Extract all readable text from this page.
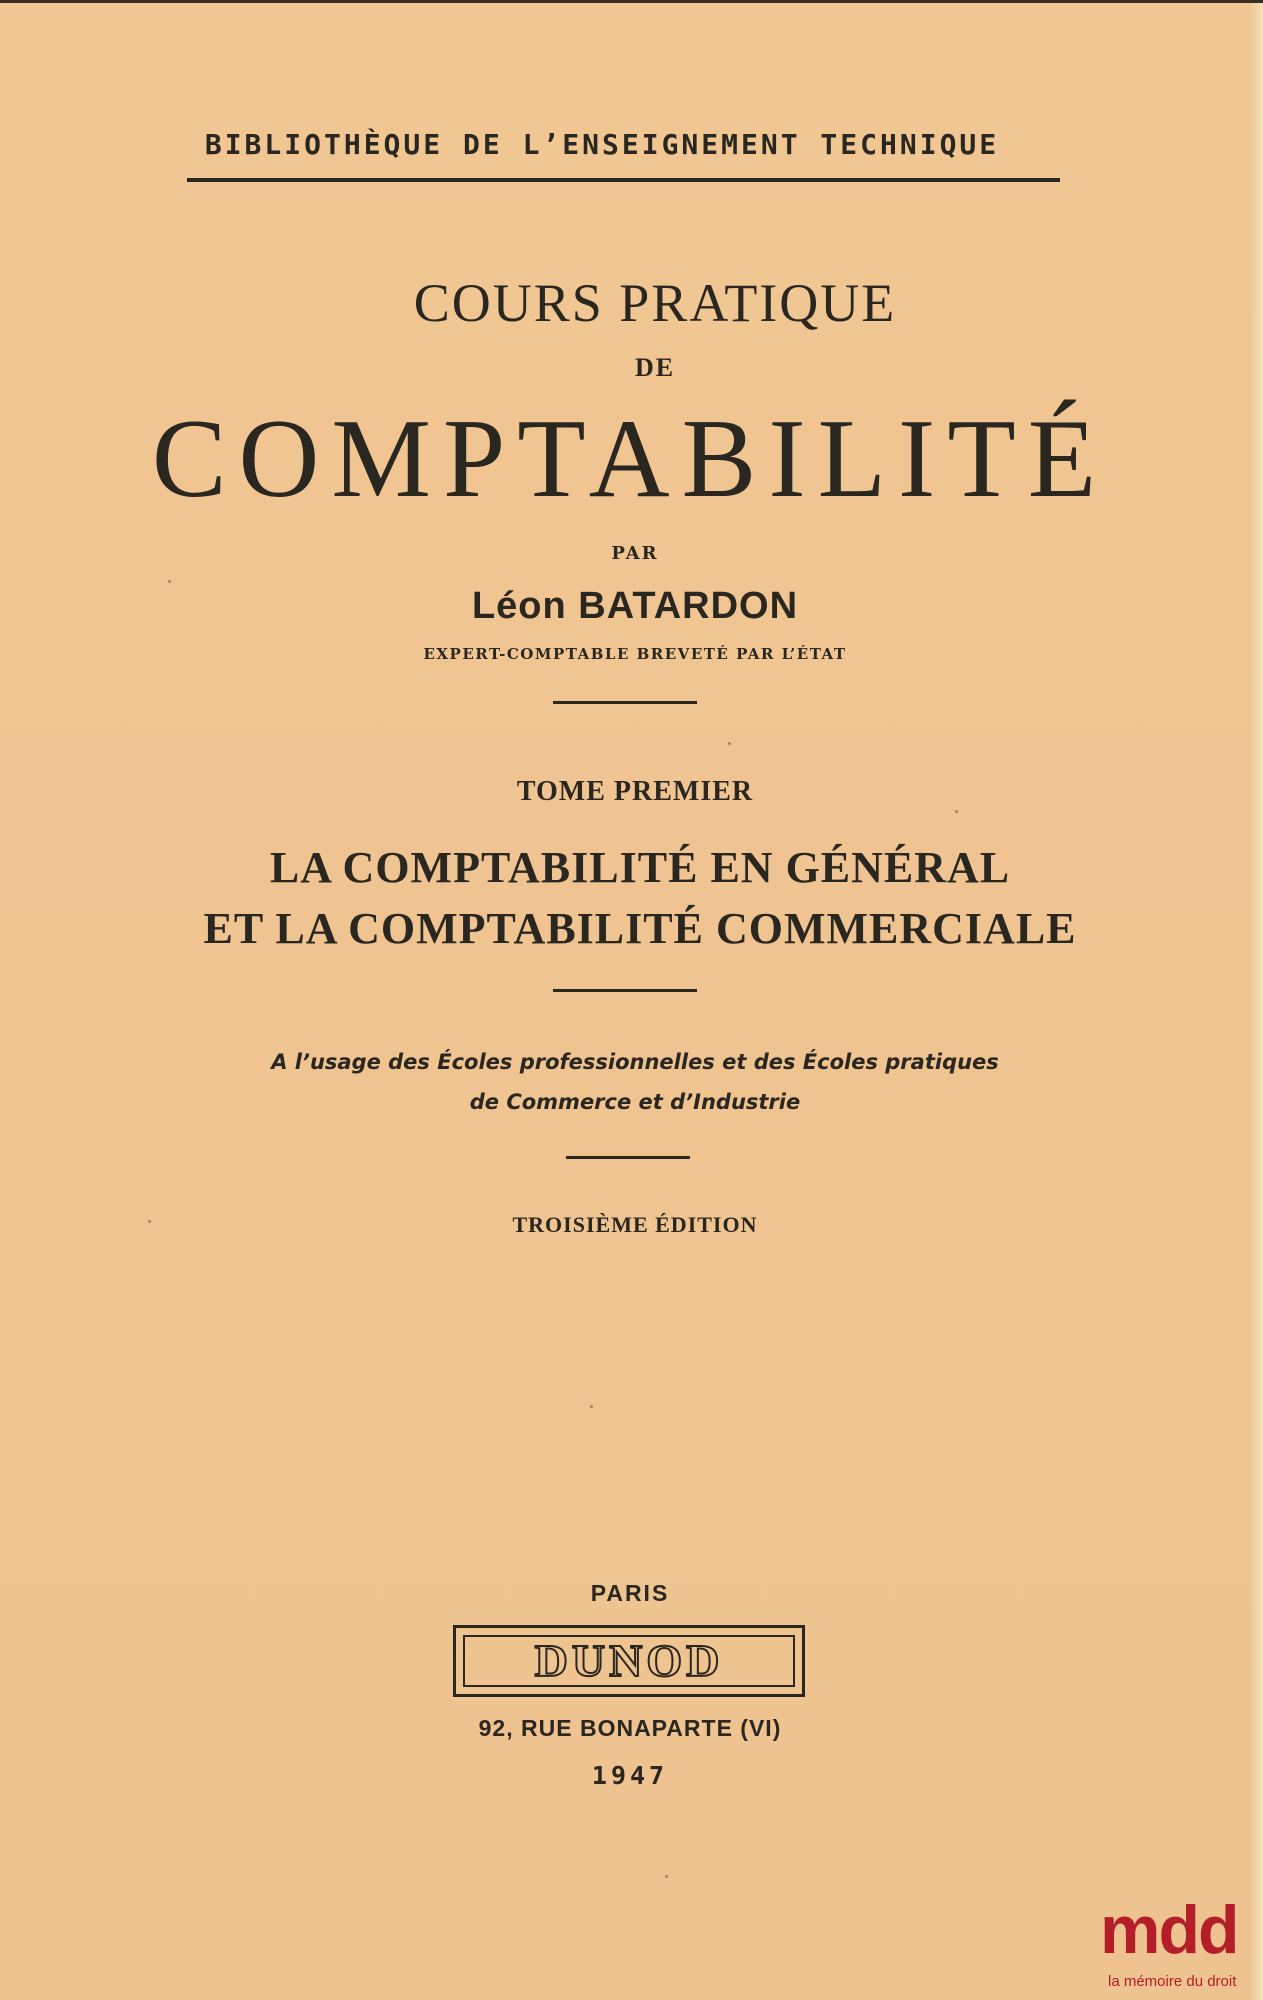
BIBLIOTHÈQUE DE L’ENSEIGNEMENT TECHNIQUE
COURS PRATIQUE
DE
COMPTABILITÉ
PAR
Léon BATARDON
EXPERT-COMPTABLE BREVETÉ PAR L’ÉTAT
TOME PREMIER
LA COMPTABILITÉ EN GÉNÉRAL
ET LA COMPTABILITÉ COMMERCIALE
A l’usage des Écoles professionnelles et des Écoles pratiques
de Commerce et d’Industrie
TROISIÈME ÉDITION
PARIS
DUNOD
92, RUE BONAPARTE (VI)
1947
mdd
la mémoire du droit
